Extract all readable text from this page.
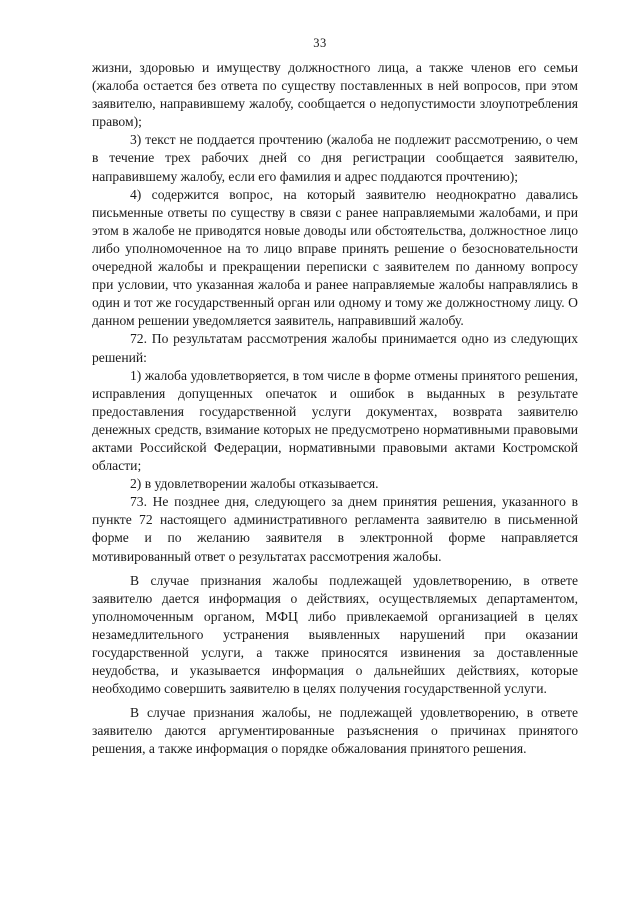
33

жизни, здоровью и имуществу должностного лица, а также членов его семьи (жалоба остается без ответа по существу поставленных в ней вопросов, при этом заявителю, направившему жалобу, сообщается о недопустимости злоупотребления правом);

3) текст не поддается прочтению (жалоба не подлежит рассмотрению, о чем в течение трех рабочих дней со дня регистрации сообщается заявителю, направившему жалобу, если его фамилия и адрес поддаются прочтению);

4) содержится вопрос, на который заявителю неоднократно давались письменные ответы по существу в связи с ранее направляемыми жалобами, и при этом в жалобе не приводятся новые доводы или обстоятельства, должностное лицо либо уполномоченное на то лицо вправе принять решение о безосновательности очередной жалобы и прекращении переписки с заявителем по данному вопросу при условии, что указанная жалоба и ранее направляемые жалобы направлялись в один и тот же государственный орган или одному и тому же должностному лицу. О данном решении уведомляется заявитель, направивший жалобу.

72. По результатам рассмотрения жалобы принимается одно из следующих решений:

1) жалоба удовлетворяется, в том числе в форме отмены принятого решения, исправления допущенных опечаток и ошибок в выданных в результате предоставления государственной услуги документах, возврата заявителю денежных средств, взимание которых не предусмотрено нормативными правовыми актами Российской Федерации, нормативными правовыми актами Костромской области;

2) в удовлетворении жалобы отказывается.

73. Не позднее дня, следующего за днем принятия решения, указанного в пункте 72 настоящего административного регламента заявителю в письменной форме и по желанию заявителя в электронной форме направляется мотивированный ответ о результатах рассмотрения жалобы.

В случае признания жалобы подлежащей удовлетворению, в ответе заявителю дается информация о действиях, осуществляемых департаментом, уполномоченным органом, МФЦ либо привлекаемой организацией в целях незамедлительного устранения выявленных нарушений при оказании государственной услуги, а также приносятся извинения за доставленные неудобства, и указывается информация о дальнейших действиях, которые необходимо совершить заявителю в целях получения государственной услуги.

В случае признания жалобы, не подлежащей удовлетворению, в ответе заявителю даются аргументированные разъяснения о причинах принятого решения, а также информация о порядке обжалования принятого решения.
